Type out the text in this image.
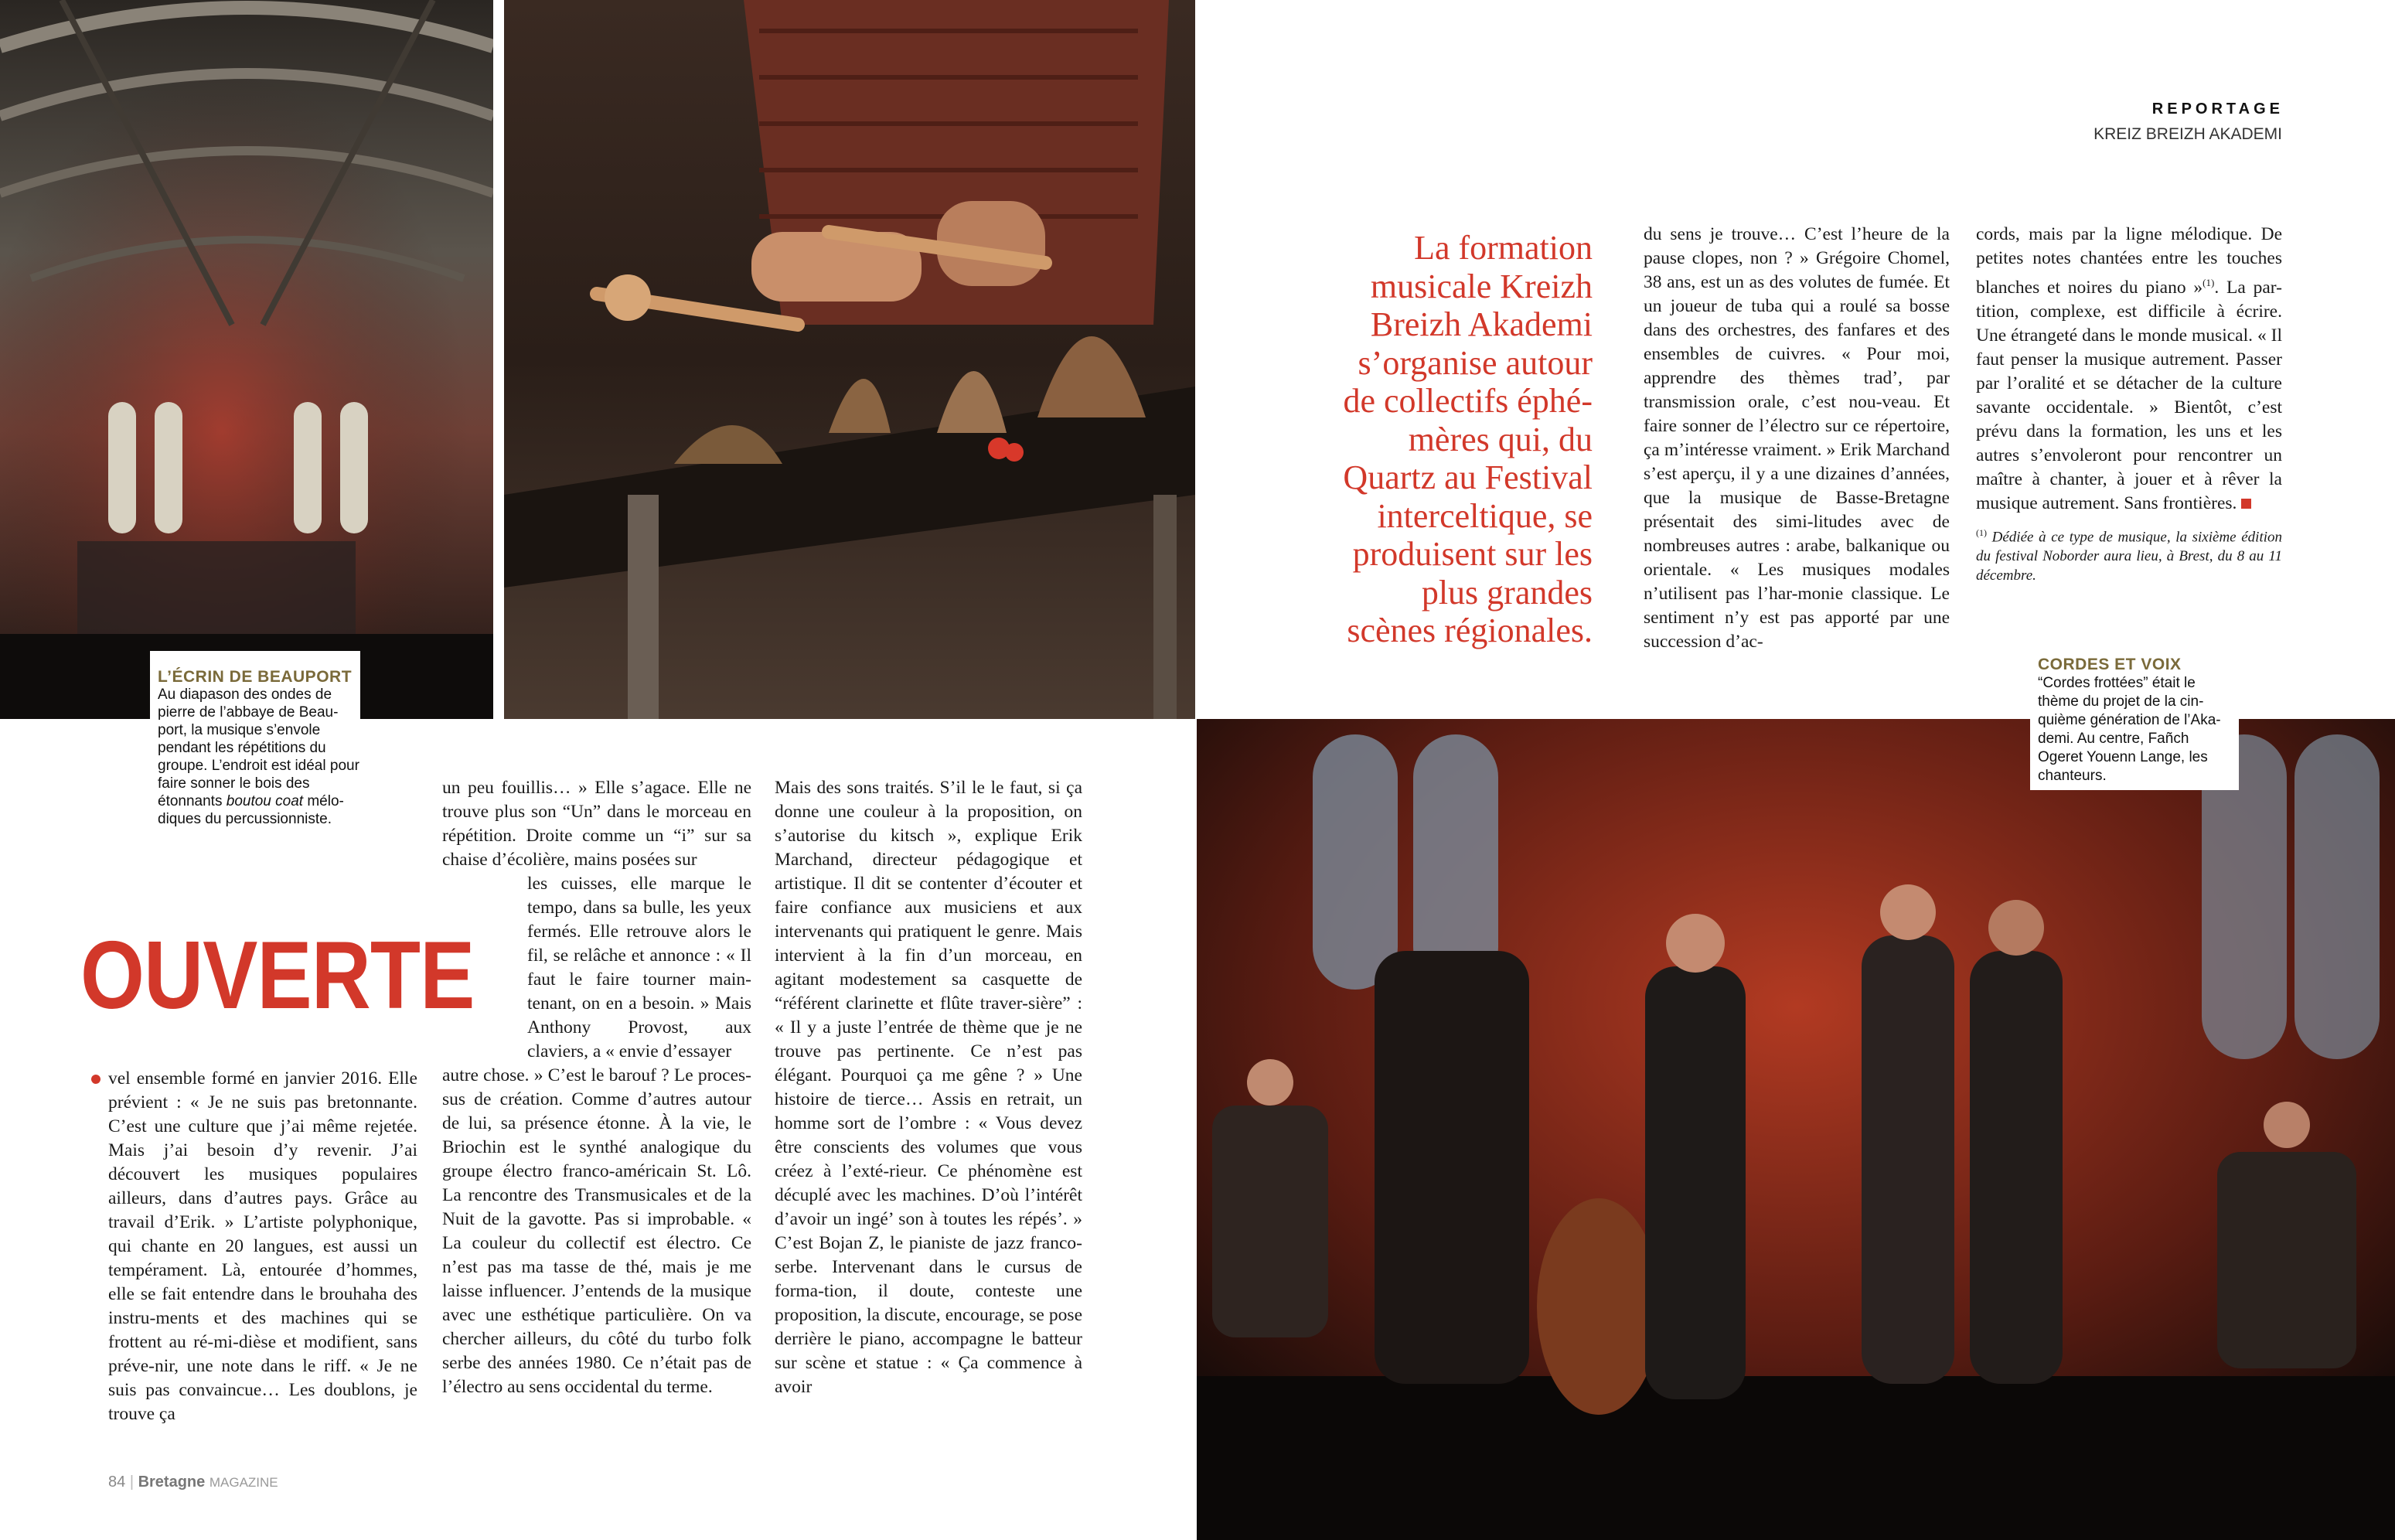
L’ÉCRIN DE BEAUPORT
Au diapason des ondes de pierre de l’abbaye de Beau-port, la musique s’envole pendant les répétitions du groupe. L’endroit est idéal pour faire sonner le bois des étonnants boutou coat mélo-diques du percussionniste.
OUVERTE

vel ensemble formé en janvier 2016. Elle prévient : « Je ne suis pas bretonnante. C’est une culture que j’ai même rejetée. Mais j’ai besoin d’y revenir. J’ai découvert les musiques populaires ailleurs, dans d’autres pays. Grâce au travail d’Erik. » L’artiste polyphonique, qui chante en 20 langues, est aussi un tempérament. Là, entourée d’hommes, elle se fait entendre dans le brouhaha des instru-ments et des machines qui se frottent au ré-mi-dièse et modifient, sans préve-nir, une note dans le riff. « Je ne suis pas convaincue… Les doublons, je trouve ça

un peu fouillis… » Elle s’agace. Elle ne trouve plus son “Un” dans le morceau en répétition. Droite comme un “i” sur sa chaise d’écolière, mains posées sur

les cuisses, elle marque le tempo, dans sa bulle, les yeux fermés. Elle retrouve alors le fil, se relâche et annonce : « Il faut le faire tourner main-tenant, on en a besoin. » Mais Anthony Provost, aux claviers, a « envie d’essayer

autre chose. » C’est le barouf ? Le proces-sus de création. Comme d’autres autour de lui, sa présence étonne. À la vie, le Briochin est le synthé analogique du groupe électro franco-américain St. Lô. La rencontre des Transmusicales et de la Nuit de la gavotte. Pas si improbable. « La couleur du collectif est électro. Ce n’est pas ma tasse de thé, mais je me laisse influencer. J’entends de la musique avec une esthétique particulière. On va chercher ailleurs, du côté du turbo folk serbe des années 1980. Ce n’était pas de l’électro au sens occidental du terme.

Mais des sons traités. S’il le le faut, si ça donne une couleur à la proposition, on s’autorise du kitsch », explique Erik Marchand, directeur pédagogique et artistique. Il dit se contenter d’écouter et faire confiance aux musiciens et aux intervenants qui pratiquent le genre. Mais intervient à la fin d’un morceau, en agitant modestement sa casquette de “référent clarinette et flûte traver-sière” : « Il y a juste l’entrée de thème que je ne trouve pas pertinente. Ce n’est pas élégant. Pourquoi ça me gêne ? » Une histoire de tierce… Assis en retrait, un homme sort de l’ombre : « Vous devez être conscients des volumes que vous créez à l’exté-rieur. Ce phénomène est décuplé avec les machines. D’où l’intérêt d’avoir un ingé’ son à toutes les répés’. » C’est Bojan Z, le pianiste de jazz franco-serbe. Intervenant dans le cursus de forma-tion, il doute, conteste une proposition, la discute, encourage, se pose derrière le piano, accompagne le batteur sur scène et statue : « Ça commence à avoir

84 | Bretagne MAGAZINE
REPORTAGE
KREIZ BREIZH AKADEMI
La formation
musicale Kreizh
Breizh Akademi
s’organise autour
de collectifs éphé-
mères qui, du
Quartz au Festival
interceltique, se
produisent sur les
plus grandes
scènes régionales.

du sens je trouve… C’est l’heure de la pause clopes, non ? » Grégoire Chomel, 38 ans, est un as des volutes de fumée. Et un joueur de tuba qui a roulé sa bosse dans des orchestres, des fanfares et des ensembles de cuivres. « Pour moi, apprendre des thèmes trad’, par transmission orale, c’est nou-veau. Et faire sonner de l’électro sur ce répertoire, ça m’intéresse vraiment. » Erik Marchand s’est aperçu, il y a une dizaines d’années, que la musique de Basse-Bretagne présentait des simi-litudes avec de nombreuses autres : arabe, balkanique ou orientale. « Les musiques modales n’utilisent pas l’har-monie classique. Le sentiment n’y est pas apporté par une succession d’ac-

cords, mais par la ligne mélodique. De petites notes chantées entre les touches blanches et noires du piano »$^{(1)}$. La par-tition, complexe, est difficile à écrire. Une étrangeté dans le monde musical. « Il faut penser la musique autrement. Passer par l’oralité et se détacher de la culture savante occidentale. » Bientôt, c’est prévu dans la formation, les uns et les autres s’envoleront pour rencontrer un maître à chanter, à jouer et à rêver la musique autrement. Sans frontières.

$^{(1)}$ Dédiée à ce type de musique, la sixième édition du festival Noborder aura lieu, à Brest, du 8 au 11 décembre.

CORDES ET VOIX
“Cordes frottées” était le thème du projet de la cin-quième génération de l’Aka-demi. Au centre, Fañch Ogeret Youenn Lange, les chanteurs.
